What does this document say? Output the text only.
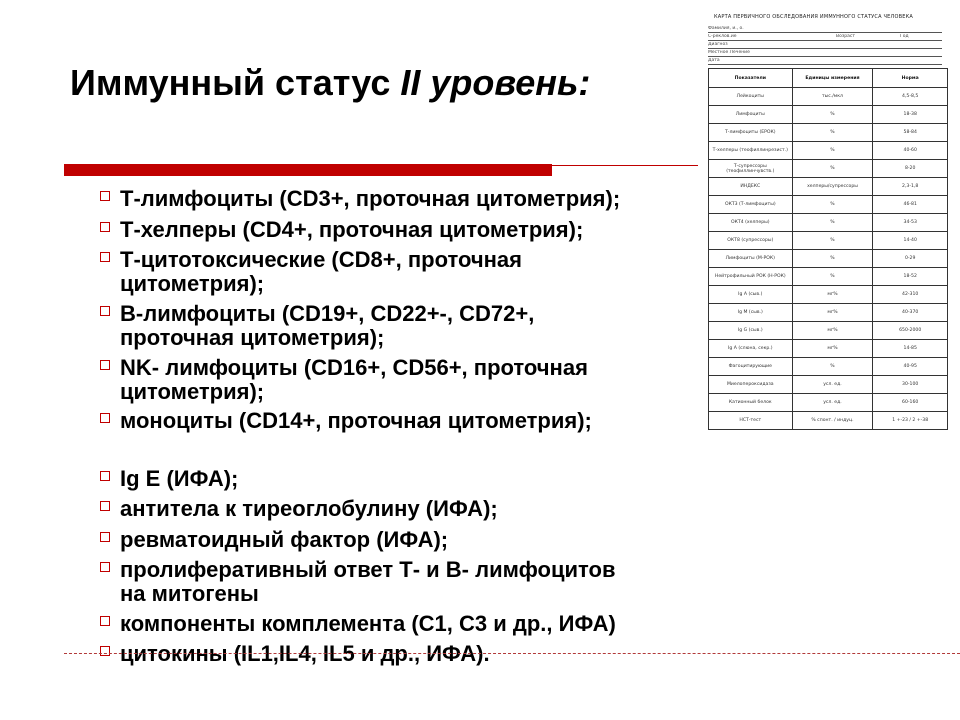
Иммунный статус II уровень:
КАРТА ПЕРВИЧНОГО ОБСЛЕДОВАНИЯ ИММУННОГО СТАТУСА ЧЕЛОВЕКА
Фамилия, и., о.
С-реклов.ие	Возраст	Год
Диагноз
Местное Лечение
Дата
Показатели	Единицы измерения	Норма
Лейкоциты	тыс./мкл	4,5-8,5
Лимфоциты	%	18-38
Т-лимфоциты (ЕРОК)	%	58-84
Т-хелперы (теофиллинрезист.)	%	40-60
Т-супрессоры (теофиллинчувств.)	%	8-20
ИНДЕКС	хелперы/супрессоры	2,3-1,8
ОКТ3 (Т-лимфоциты)	%	46-81
ОКТ4 (хелперы)	%	34-53
ОКТ8 (супрессоры)	%	14-40
Лимфоциты (М-РОК)	%	0-29
Нейтрофильный РОК (Н-РОК)	%	18-52
Ig A (сыв.)	мг%	42-310
Ig M (сыв.)	мг%	40-370
Ig G (сыв.)	мг%	650-2000
Ig A (слюна, секр.)	мг%	14-85
Фагоцитирующие	%	40-95
Миелопероксидаза	усл. ед.	30-100
Катионный белок	усл. ед.	60-160
НСТ-тест	% спонт. / индуц.	1 +-23 / 2 +-38
Т-лимфоциты (CD3+, проточная цитометрия);
Т-хелперы (CD4+, проточная цитометрия);
Т-цитотоксические (CD8+, проточная
цитометрия);
В-лимфоциты (CD19+, CD22+-, CD72+,
проточная цитометрия);
NK- лимфоциты (CD16+, CD56+, проточная
цитометрия);
моноциты (CD14+, проточная цитометрия);
Ig E (ИФА);
антитела к тиреоглобулину (ИФА);
ревматоидный фактор (ИФА);
пролиферативный ответ Т- и В- лимфоцитов
на митогены
компоненты комплемента (С1, С3 и др., ИФА)
цитокины (IL1,IL4, IL5 и др., ИФА).
